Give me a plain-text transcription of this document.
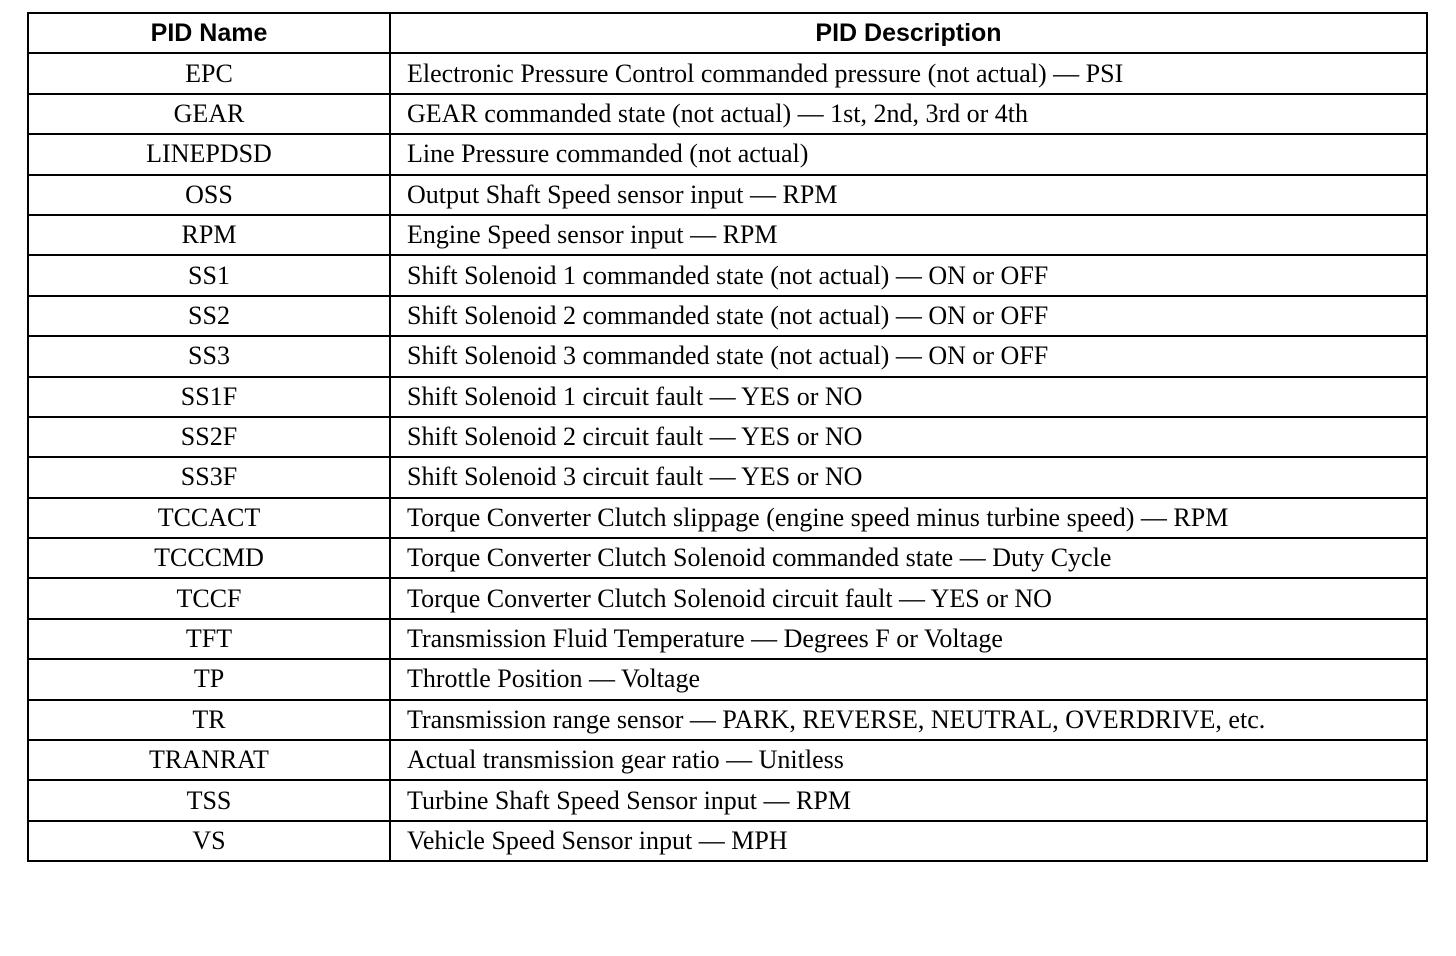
PID Name	PID Description
EPC	Electronic Pressure Control commanded pressure (not actual) — PSI
GEAR	GEAR commanded state (not actual) — 1st, 2nd, 3rd or 4th
LINEPDSD	Line Pressure commanded (not actual)
OSS	Output Shaft Speed sensor input — RPM
RPM	Engine Speed sensor input — RPM
SS1	Shift Solenoid 1 commanded state (not actual) — ON or OFF
SS2	Shift Solenoid 2 commanded state (not actual) — ON or OFF
SS3	Shift Solenoid 3 commanded state (not actual) — ON or OFF
SS1F	Shift Solenoid 1 circuit fault — YES or NO
SS2F	Shift Solenoid 2 circuit fault — YES or NO
SS3F	Shift Solenoid 3 circuit fault — YES or NO
TCCACT	Torque Converter Clutch slippage (engine speed minus turbine speed) — RPM
TCCCMD	Torque Converter Clutch Solenoid commanded state — Duty Cycle
TCCF	Torque Converter Clutch Solenoid circuit fault — YES or NO
TFT	Transmission Fluid Temperature — Degrees F or Voltage
TP	Throttle Position — Voltage
TR	Transmission range sensor — PARK, REVERSE, NEUTRAL, OVERDRIVE, etc.
TRANRAT	Actual transmission gear ratio — Unitless
TSS	Turbine Shaft Speed Sensor input — RPM
VS	Vehicle Speed Sensor input — MPH
